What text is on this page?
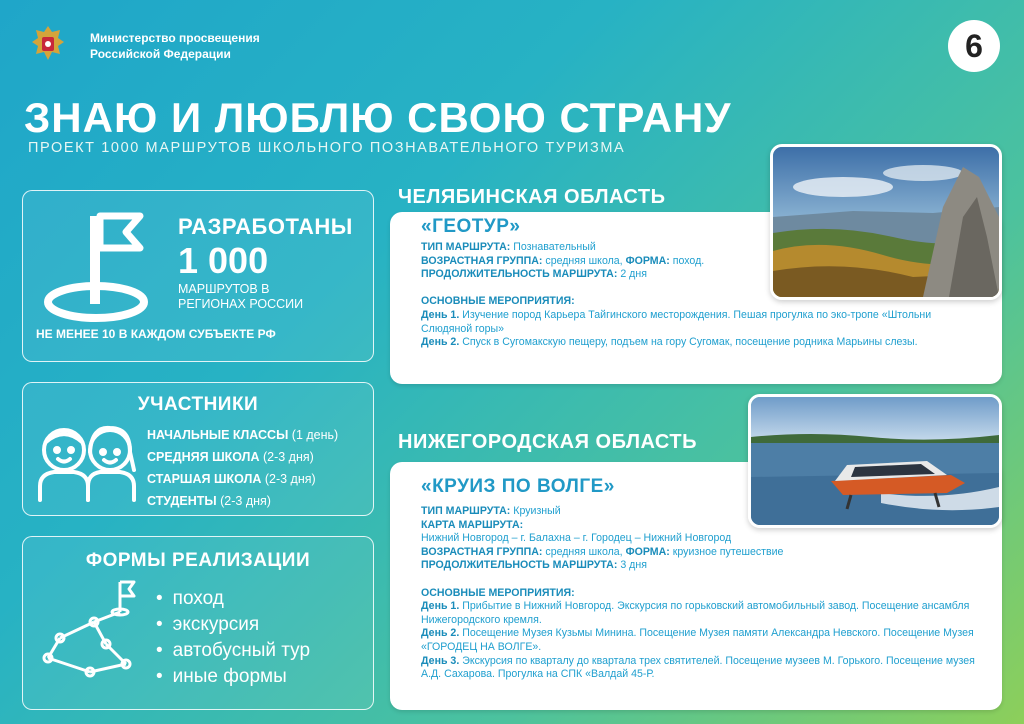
Министерство просвещения
Российской Федерации	6
ЗНАЮ И ЛЮБЛЮ СВОЮ СТРАНУ
ПРОЕКТ 1000 МАРШРУТОВ ШКОЛЬНОГО ПОЗНАВАТЕЛЬНОГО ТУРИЗМА
РАЗРАБОТАНЫ
1 000
МАРШРУТОВ В
РЕГИОНАХ РОССИИ
НЕ МЕНЕЕ 10 В КАЖДОМ СУБЪЕКТЕ РФ
УЧАСТНИКИ
НАЧАЛЬНЫЕ КЛАССЫ (1 день)
СРЕДНЯЯ ШКОЛА (2-3 дня)
СТАРШАЯ ШКОЛА (2-3 дня)
СТУДЕНТЫ (2-3 дня)
ФОРМЫ РЕАЛИЗАЦИИ
• поход
• экскурсия
• автобусный тур
• иные формы
ЧЕЛЯБИНСКАЯ ОБЛАСТЬ
«ГЕОТУР»
ТИП МАРШРУТА: Познавательный
ВОЗРАСТНАЯ ГРУППА: средняя школа, ФОРМА: поход.
ПРОДОЛЖИТЕЛЬНОСТЬ МАРШРУТА: 2 дня
ОСНОВНЫЕ МЕРОПРИЯТИЯ:
День 1. Изучение пород Карьера Тайгинского месторождения. Пешая прогулка по эко-тропе «Штольни Слюдяной горы»
День 2. Спуск в Сугомакскую пещеру, подъем на гору Сугомак, посещение родника Марьины слезы.
НИЖЕГОРОДСКАЯ ОБЛАСТЬ
«КРУИЗ ПО ВОЛГЕ»
ТИП МАРШРУТА: Круизный
КАРТА МАРШРУТА:
Нижний Новгород – г. Балахна – г. Городец – Нижний Новгород
ВОЗРАСТНАЯ ГРУППА: средняя школа, ФОРМА: круизное путешествие
ПРОДОЛЖИТЕЛЬНОСТЬ МАРШРУТА: 3 дня
ОСНОВНЫЕ МЕРОПРИЯТИЯ:
День 1. Прибытие в Нижний Новгород. Экскурсия по горьковский автомобильный завод. Посещение ансамбля Нижегородского кремля.
День 2. Посещение Музея Кузьмы Минина. Посещение Музея памяти Александра Невского. Посещение Музея «ГОРОДЕЦ НА ВОЛГЕ».
День 3. Экскурсия по кварталу до квартала трех святителей. Посещение музеев М. Горького. Посещение музея А.Д. Сахарова. Прогулка на СПК «Валдай 45-Р.
